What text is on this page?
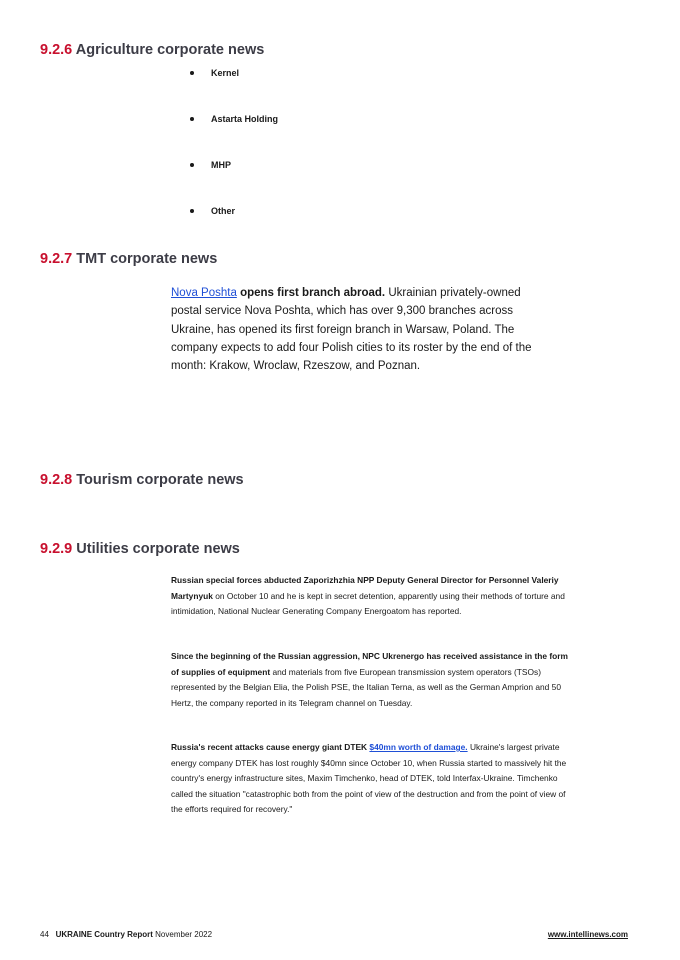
9.2.6 Agriculture corporate news
Kernel
Astarta Holding
MHP
Other
9.2.7 TMT corporate news

Nova Poshta opens first branch abroad. Ukrainian privately-owned postal service Nova Poshta, which has over 9,300 branches across Ukraine, has opened its first foreign branch in Warsaw, Poland. The company expects to add four Polish cities to its roster by the end of the month: Krakow, Wroclaw, Rzeszow, and Poznan.

9.2.8 Tourism corporate news
9.2.9 Utilities corporate news

Russian special forces abducted Zaporizhzhia NPP Deputy General Director for Personnel Valeriy Martynyuk on October 10 and he is kept in secret detention, apparently using their methods of torture and intimidation, National Nuclear Generating Company Energoatom has reported.

Since the beginning of the Russian aggression, NPC Ukrenergo has received assistance in the form of supplies of equipment and materials from five European transmission system operators (TSOs) represented by the Belgian Elia, the Polish PSE, the Italian Terna, as well as the German Amprion and 50 Hertz, the company reported in its Telegram channel on Tuesday.

Russia's recent attacks cause energy giant DTEK $40mn worth of damage. Ukraine's largest private energy company DTEK has lost roughly $40mn since October 10, when Russia started to massively hit the country's energy infrastructure sites, Maxim Timchenko, head of DTEK, told Interfax-Ukraine. Timchenko called the situation "catastrophic both from the point of view of the destruction and from the point of view of the efforts required for recovery."

44 UKRAINE Country Report November 2022	www.intellinews.com
